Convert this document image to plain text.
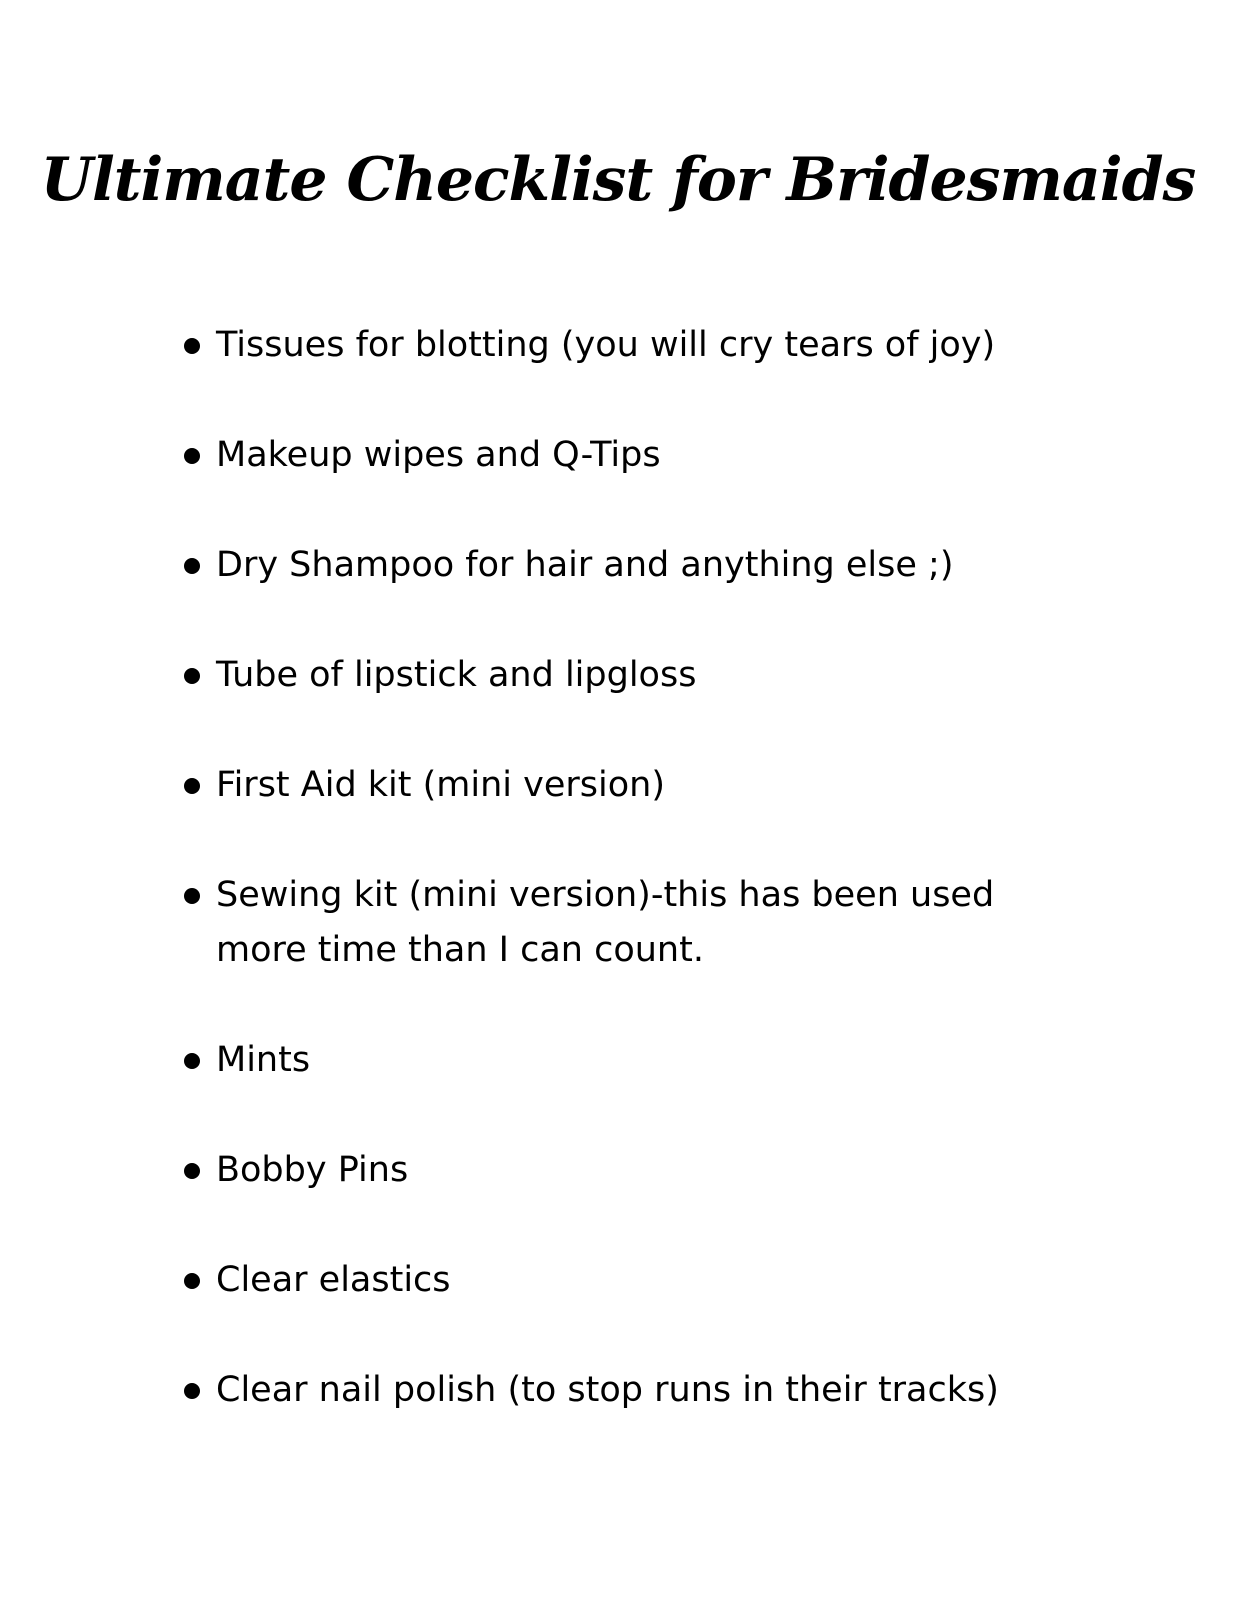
Ultimate Checklist for Bridesmaids
Tissues for blotting (you will cry tears of joy)
Makeup wipes and Q-Tips
Dry Shampoo for hair and anything else ;)
Tube of lipstick and lipgloss
First Aid kit (mini version)
Sewing kit (mini version)-this has been used more time than I can count.
Mints
Bobby Pins
Clear elastics
Clear nail polish (to stop runs in their tracks)
